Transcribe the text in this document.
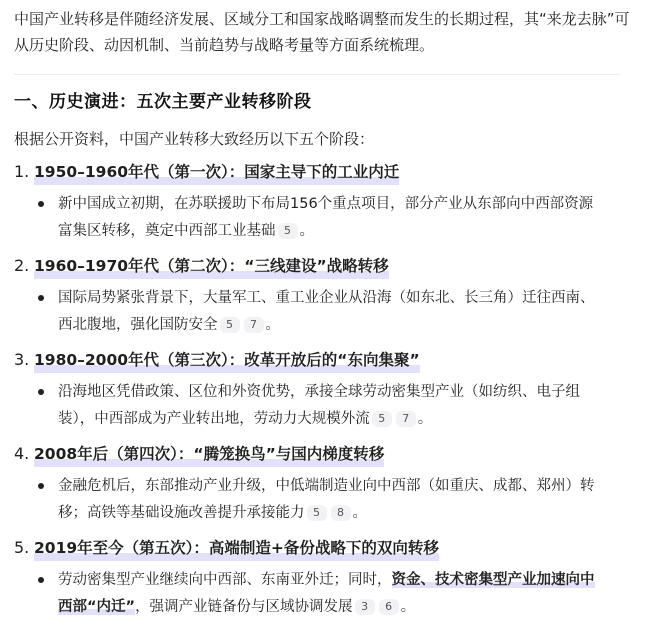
中国产业转移是伴随经济发展、区域分工和国家战略调整而发生的长期过程，其“来龙去脉”可从历史阶段、动因机制、当前趋势与战略考量等方面系统梳理。

一、历史演进：五次主要产业转移阶段

根据公开资料，中国产业转移大致经历以下五个阶段：

1. 1950–1960年代（第一次）：国家主导下的工业内迁
新中国成立初期，在苏联援助下布局156个重点项目，部分产业从东部向中西部资源富集区转移，奠定中西部工业基础 5 。
2. 1960–1970年代（第二次）：“三线建设”战略转移
国际局势紧张背景下，大量军工、重工业企业从沿海（如东北、长三角）迁往西南、西北腹地，强化国防安全 5 7 。
3. 1980–2000年代（第三次）：改革开放后的“东向集聚”
沿海地区凭借政策、区位和外资优势，承接全球劳动密集型产业（如纺织、电子组装），中西部成为产业转出地，劳动力大规模外流 5 7 。
4. 2008年后（第四次）：“腾笼换鸟”与国内梯度转移
金融危机后，东部推动产业升级，中低端制造业向中西部（如重庆、成都、郑州）转移；高铁等基础设施改善提升承接能力 5 8 。
5. 2019年至今（第五次）：高端制造+备份战略下的双向转移
劳动密集型产业继续向中西部、东南亚外迁；同时，资金、技术密集型产业加速向中西部“内迁”，强调产业链备份与区域协调发展 3 6 。
